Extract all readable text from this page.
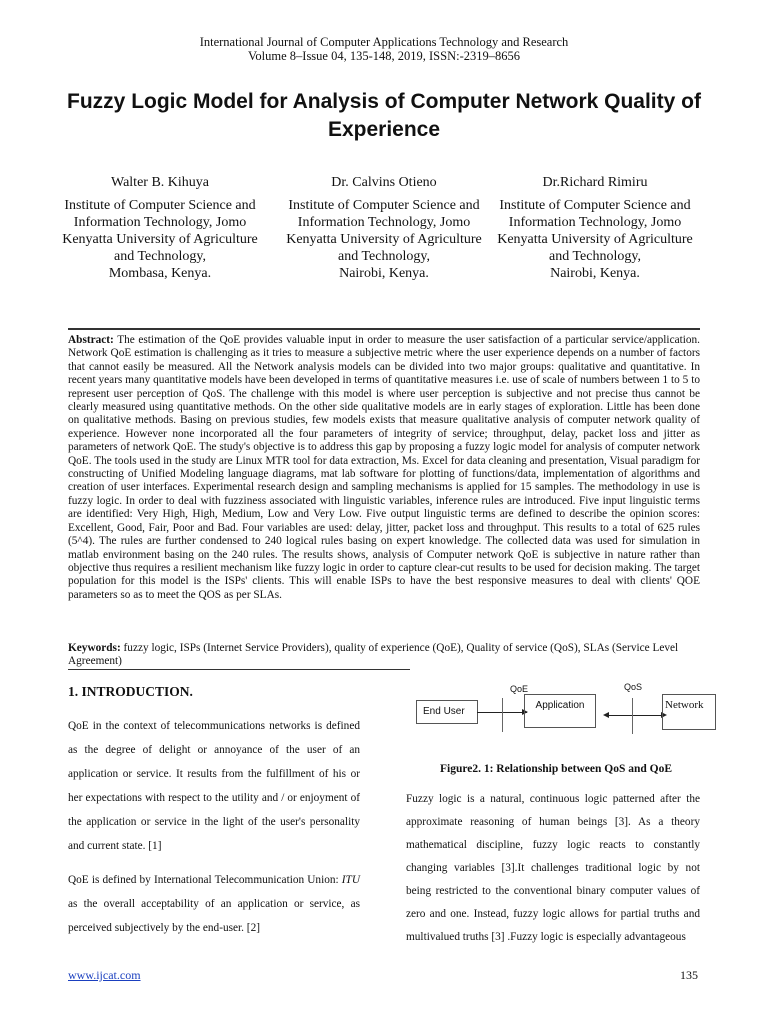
International Journal of Computer Applications Technology and Research
Volume 8–Issue 04, 135-148, 2019, ISSN:-2319–8656
Fuzzy Logic Model for Analysis of Computer Network Quality of Experience
Walter B. Kihuya
Institute of Computer Science and Information Technology, Jomo Kenyatta University of Agriculture and Technology,
Mombasa, Kenya.
Dr. Calvins Otieno
Institute of Computer Science and Information Technology, Jomo Kenyatta University of Agriculture and Technology,
Nairobi, Kenya.
Dr.Richard Rimiru
Institute of Computer Science and Information Technology, Jomo Kenyatta University of Agriculture and Technology,
Nairobi, Kenya.
Abstract: The estimation of the QoE provides valuable input in order to measure the user satisfaction of a particular service/application. Network QoE estimation is challenging as it tries to measure a subjective metric where the user experience depends on a number of factors that cannot easily be measured. All the Network analysis models can be divided into two major groups: qualitative and quantitative. In recent years many quantitative models have been developed in terms of quantitative measures i.e. use of scale of numbers between 1 to 5 to represent user perception of QoS. The challenge with this model is where user perception is subjective and not precise thus cannot be clearly measured using quantitative methods. On the other side qualitative models are in early stages of exploration. Little has been done on qualitative methods. Basing on previous studies, few models exists that measure qualitative analysis of computer network quality of experience. However none incorporated all the four parameters of integrity of service; throughput, delay, packet loss and jitter as parameters of network QoE. The study's objective is to address this gap by proposing a fuzzy logic model for analysis of computer network QoE. The tools used in the study are Linux MTR tool for data extraction, Ms. Excel for data cleaning and presentation, Visual paradigm for constructing of Unified Modeling language diagrams, mat lab software for plotting of functions/data, implementation of algorithms and creation of user interfaces. Experimental research design and sampling mechanisms is applied for 15 samples. The methodology in use is fuzzy logic. In order to deal with fuzziness associated with linguistic variables, inference rules are introduced. Five input linguistic terms are identified: Very High, High, Medium, Low and Very Low. Five output linguistic terms are defined to describe the opinion scores: Excellent, Good, Fair, Poor and Bad. Four variables are used: delay, jitter, packet loss and throughput. This results to a total of 625 rules (5^4). The rules are further condensed to 240 logical rules basing on expert knowledge. The collected data was used for simulation in matlab environment basing on the 240 rules. The results shows, analysis of Computer network QoE is subjective in nature rather than objective thus requires a resilient mechanism like fuzzy logic in order to capture clear-cut results to be used for decision making. The target population for this model is the ISPs' clients. This will enable ISPs to have the best responsive measures to deal with clients' QOE parameters so as to meet the QOS as per SLAs.
Keywords: fuzzy logic, ISPs (Internet Service Providers), quality of experience (QoE), Quality of service (QoS), SLAs (Service Level Agreement)
1. INTRODUCTION.
QoE in the context of telecommunications networks is defined as the degree of delight or annoyance of the user of an application or service. It results from the fulfillment of his or her expectations with respect to the utility and / or enjoyment of the application or service in the light of the user's personality and current state. [1]
QoE is defined by International Telecommunication Union: ITU as the overall acceptability of an application or service, as perceived subjectively by the end-user. [2]
QoE	QoS
End User
Application	Network
Figure2. 1: Relationship between QoS and QoE
Fuzzy logic is a natural, continuous logic patterned after the approximate reasoning of human beings [3]. As a theory mathematical discipline, fuzzy logic reacts to constantly changing variables [3].It challenges traditional logic by not being restricted to the conventional binary computer values of zero and one. Instead, fuzzy logic allows for partial truths and multivalued truths [3] .Fuzzy logic is especially advantageous
www.ijcat.com	135
